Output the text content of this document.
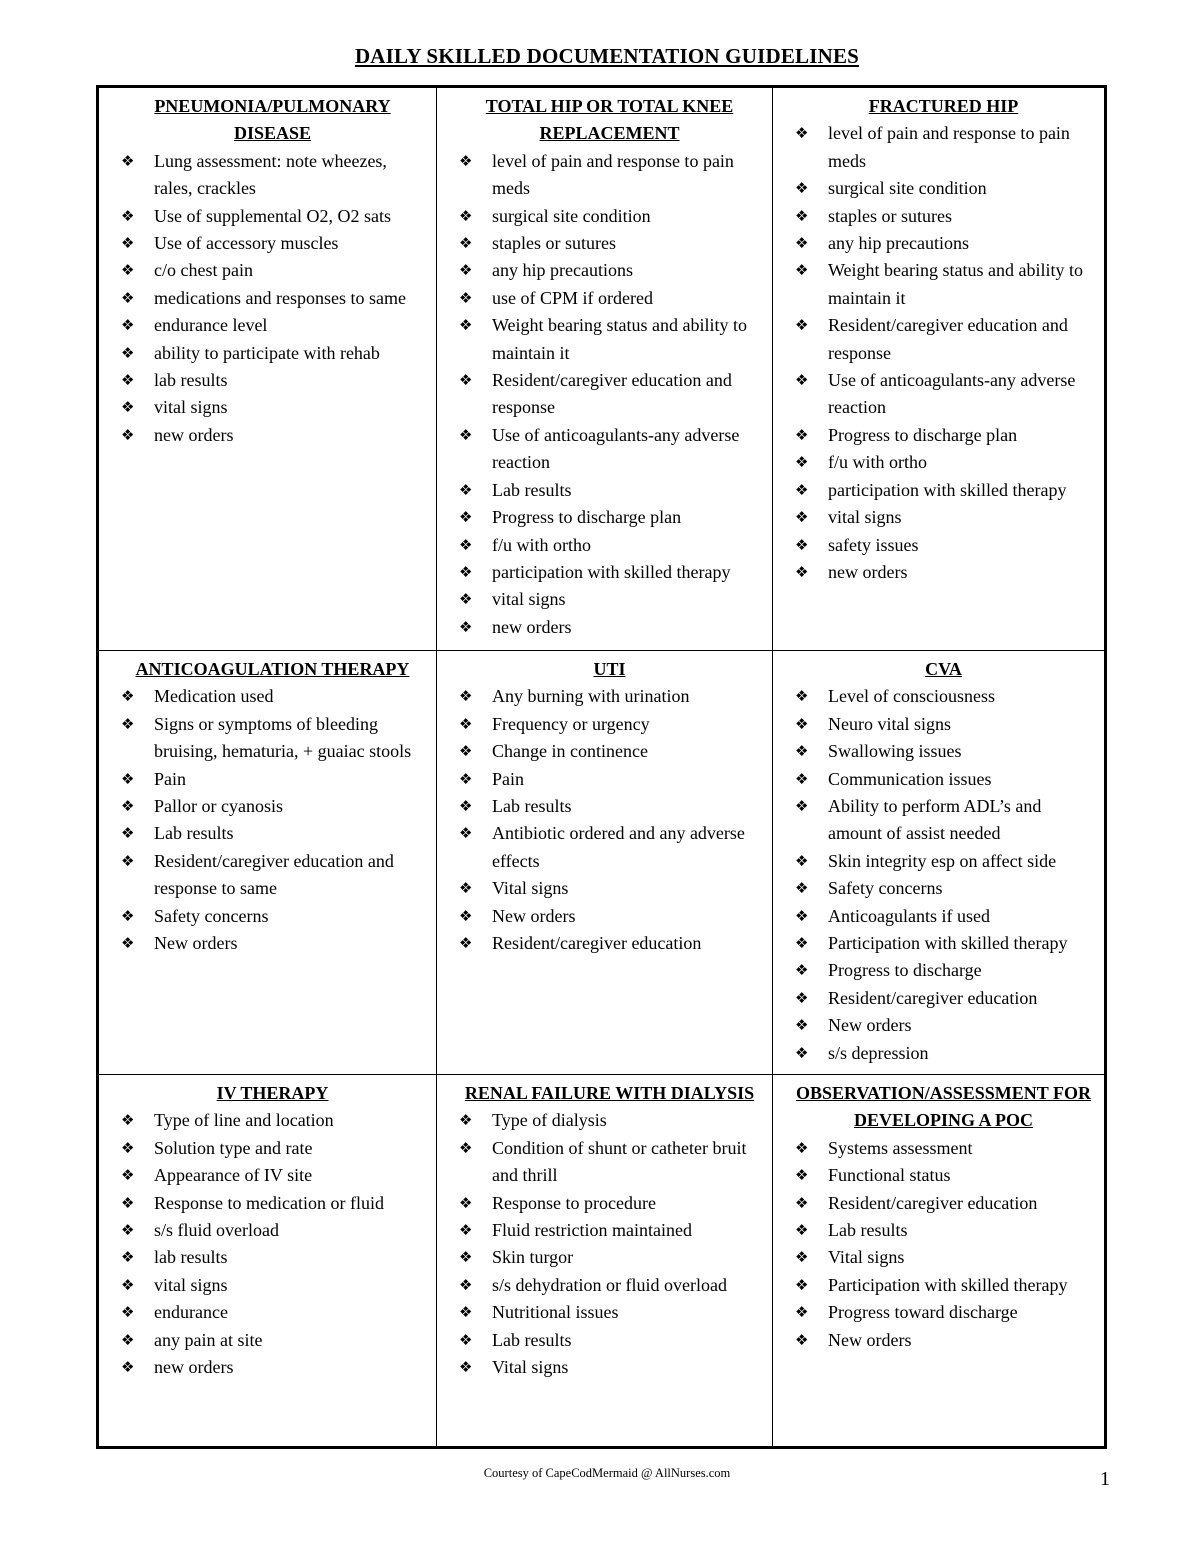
DAILY SKILLED DOCUMENTATION GUIDELINES
PNEUMONIA/PULMONARY DISEASE
❖ Lung assessment: note wheezes, rales, crackles
❖ Use of supplemental O2, O2 sats
❖ Use of accessory muscles
❖ c/o chest pain
❖ medications and responses to same
❖ endurance level
❖ ability to participate with rehab
❖ lab results
❖ vital signs
❖ new orders
TOTAL HIP OR TOTAL KNEE REPLACEMENT
❖ level of pain and response to pain meds
❖ surgical site condition
❖ staples or sutures
❖ any hip precautions
❖ use of CPM if ordered
❖ Weight bearing status and ability to maintain it
❖ Resident/caregiver education and response
❖ Use of anticoagulants-any adverse reaction
❖ Lab results
❖ Progress to discharge plan
❖ f/u with ortho
❖ participation with skilled therapy
❖ vital signs
❖ new orders
FRACTURED HIP
❖ level of pain and response to pain meds
❖ surgical site condition
❖ staples or sutures
❖ any hip precautions
❖ Weight bearing status and ability to maintain it
❖ Resident/caregiver education and response
❖ Use of anticoagulants-any adverse reaction
❖ Progress to discharge plan
❖ f/u with ortho
❖ participation with skilled therapy
❖ vital signs
❖ safety issues
❖ new orders
ANTICOAGULATION THERAPY
❖ Medication used
❖ Signs or symptoms of bleeding bruising, hematuria, + guaiac stools
❖ Pain
❖ Pallor or cyanosis
❖ Lab results
❖ Resident/caregiver education and response to same
❖ Safety concerns
❖ New orders
UTI
❖ Any burning with urination
❖ Frequency or urgency
❖ Change in continence
❖ Pain
❖ Lab results
❖ Antibiotic ordered and any adverse effects
❖ Vital signs
❖ New orders
❖ Resident/caregiver education
CVA
❖ Level of consciousness
❖ Neuro vital signs
❖ Swallowing issues
❖ Communication issues
❖ Ability to perform ADL’s and amount of assist needed
❖ Skin integrity esp on affect side
❖ Safety concerns
❖ Anticoagulants if used
❖ Participation with skilled therapy
❖ Progress to discharge
❖ Resident/caregiver education
❖ New orders
❖ s/s depression
IV THERAPY
❖ Type of line and location
❖ Solution type and rate
❖ Appearance of IV site
❖ Response to medication or fluid
❖ s/s fluid overload
❖ lab results
❖ vital signs
❖ endurance
❖ any pain at site
❖ new orders
RENAL FAILURE WITH DIALYSIS
❖ Type of dialysis
❖ Condition of shunt or catheter bruit and thrill
❖ Response to procedure
❖ Fluid restriction maintained
❖ Skin turgor
❖ s/s dehydration or fluid overload
❖ Nutritional issues
❖ Lab results
❖ Vital signs
OBSERVATION/ASSESSMENT FOR DEVELOPING A POC
❖ Systems assessment
❖ Functional status
❖ Resident/caregiver education
❖ Lab results
❖ Vital signs
❖ Participation with skilled therapy
❖ Progress toward discharge
❖ New orders
Courtesy of CapeCodMermaid @ AllNurses.com	1
